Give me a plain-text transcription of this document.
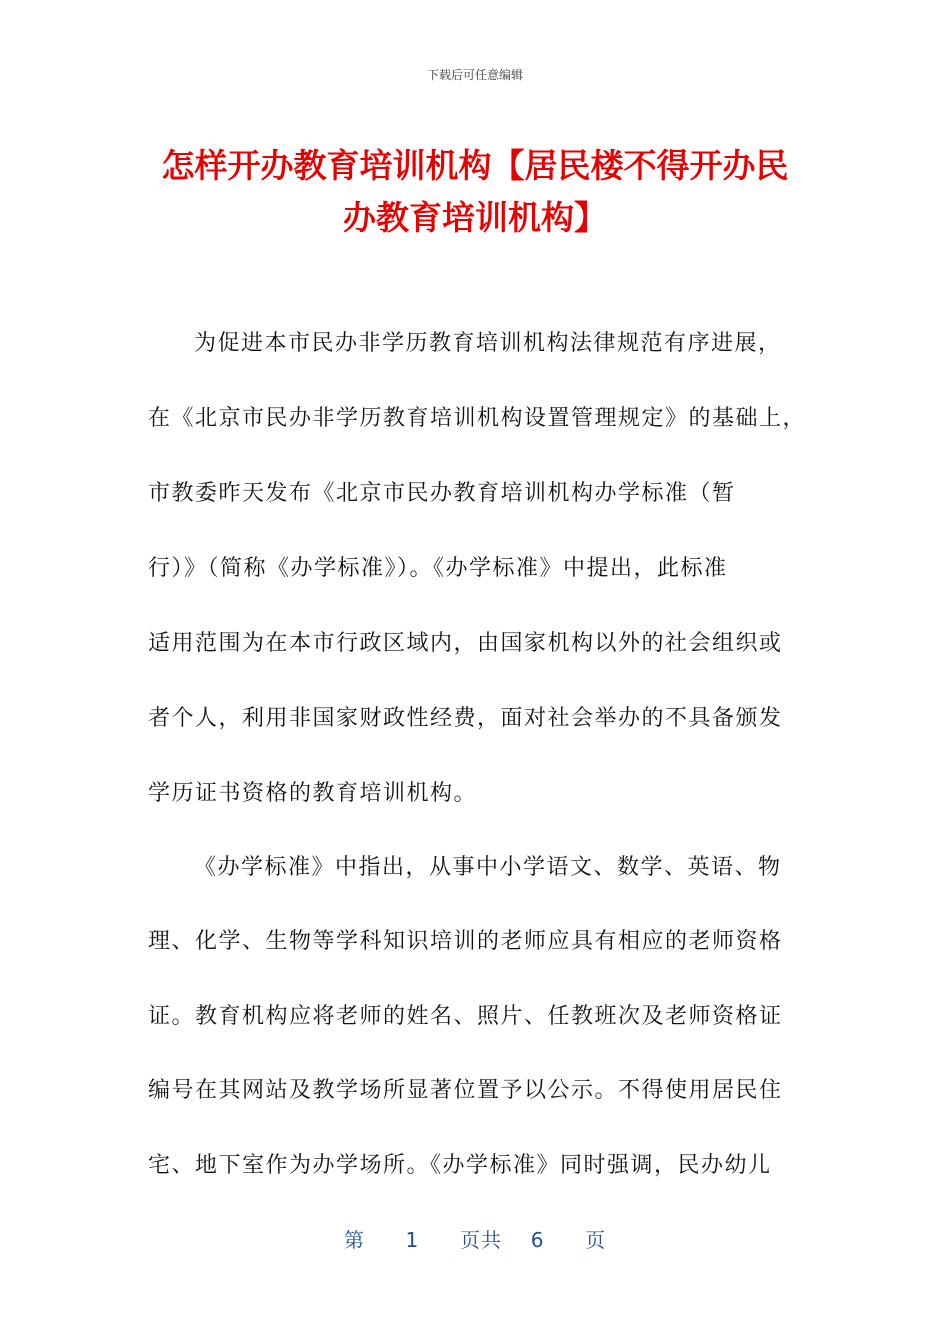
下载后可任意编辑
怎样开办教育培训机构【居民楼不得开办民
办教育培训机构】
为促进本市民办非学历教育培训机构法律规范有序进展，
在《北京市民办非学历教育培训机构设置管理规定》的基础上，
市教委昨天发布《北京市民办教育培训机构办学标准（暂
行）》（简称《办学标准》）。《办学标准》中提出，此标准
适用范围为在本市行政区域内，由国家机构以外的社会组织或
者个人，利用非国家财政性经费，面对社会举办的不具备颁发
学历证书资格的教育培训机构。
《办学标准》中指出，从事中小学语文、数学、英语、物
理、化学、生物等学科知识培训的老师应具有相应的老师资格
证。教育机构应将老师的姓名、照片、任教班次及老师资格证
编号在其网站及教学场所显著位置予以公示。不得使用居民住
宅、地下室作为办学场所。《办学标准》同时强调，民办幼儿
第 1 页共 6 页
